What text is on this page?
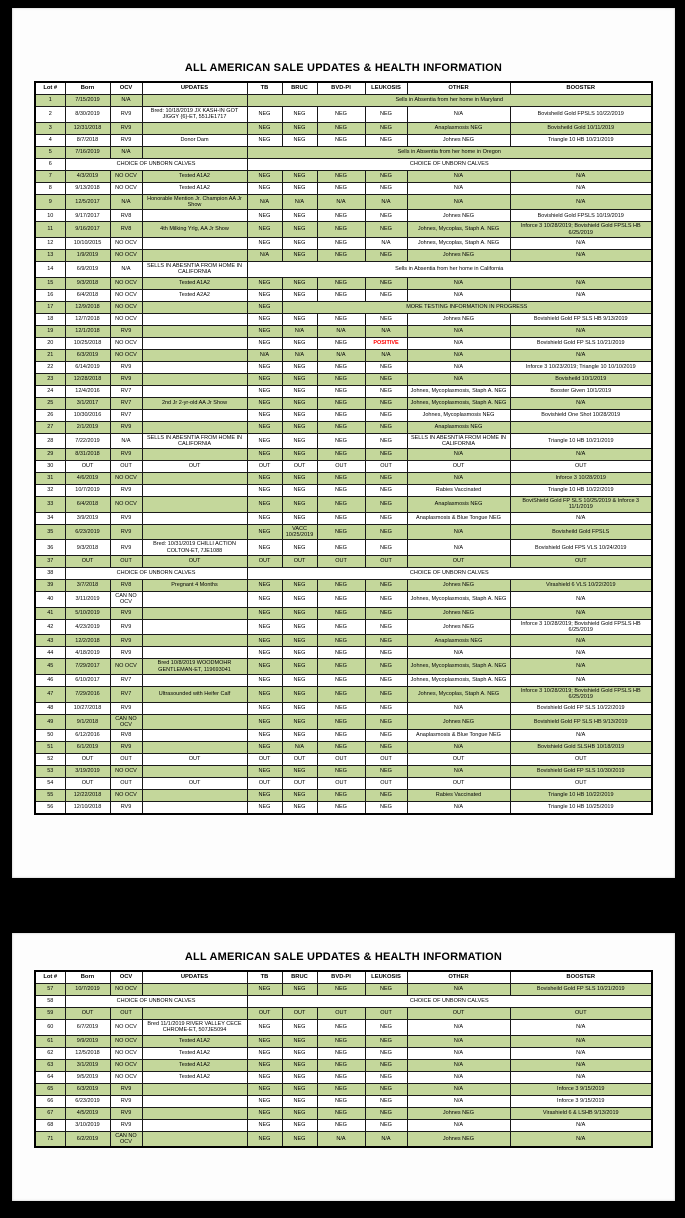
ALL AMERICAN SALE UPDATES & HEALTH INFORMATION
Lot #	Born	OCV	UPDATES	TB	BRUC	BVD-PI	LEUKOSIS	OTHER	BOOSTER
1	7/15/2019	N/A		Sells in Absentia from her home in Maryland					
2	8/30/2019	RV9	Bred: 10/18/2019 JX KASH-IN GOT JIGGY {6}-ET, 551JE1717	NEG	NEG	NEG	NEG	N/A	Bovisheild Gold FPSLS 10/22/2019
3	12/31/2018	RV9		NEG	NEG	NEG	NEG	Anaplasmosis NEG	Bovisheild Gold 10/11/2019
4	8/7/2018	RV9	Donor Dam	NEG	NEG	NEG	NEG	Johnes NEG	Triangle 10 HB 10/21/2019
5	7/16/2019	N/A		Sells in Absentia from her home in Oregon					
6	CHOICE OF UNBORN CALVES			CHOICE OF UNBORN CALVES					
7	4/3/2019	NO OCV	Tested A1A2	NEG	NEG	NEG	NEG	N/A	N/A
8	9/13/2018	NO OCV	Tested A1A2	NEG	NEG	NEG	NEG	N/A	N/A
9	12/5/2017	N/A	Honorable Mention Jr. Champion AA Jr Show	N/A	N/A	N/A	N/A	N/A	N/A
10	9/17/2017	RV8		NEG	NEG	NEG	NEG	Johnes NEG	Bovishield Gold FPSLS 10/19/2019
11	9/16/2017	RV8	4th Milking Yrlg, AA Jr Show	NEG	NEG	NEG	NEG	Johnes, Mycoplas, Staph A. NEG	Inforce 3 10/28/2019; Bovishield Gold FPSLS HB 6/25/2019
12	10/10/2015	NO OCV		NEG	NEG	NEG	N/A	Johnes, Mycoplas, Staph A. NEG	N/A
13	1/9/2019	NO OCV		N/A	NEG	NEG	NEG	Johnes NEG	N/A
14	6/9/2019	N/A	SELLS IN ABESNTIA FROM HOME IN CALIFORNIA	Sells in Absentia from her home in California					
15	9/3/2018	NO OCV	Tested A1A2	NEG	NEG	NEG	NEG	N/A	N/A
16	6/4/2018	NO OCV	Tested A2A2	NEG	NEG	NEG	NEG	N/A	N/A
17	12/9/2018	NO OCV		NEG	MORE TESTING INFORMATION IN PROGRESS				
18	12/7/2018	NO OCV		NEG	NEG	NEG	NEG	Johnes NEG	Bovishield Gold FP SLS HB 9/13/2019
19	12/1/2018	RV9		NEG	N/A	N/A	N/A	N/A	N/A
20	10/25/2018	NO OCV		NEG	NEG	NEG	POSITIVE	N/A	Bovishield Gold FP SLS 10/21/2019
21	6/3/2019	NO OCV		N/A	N/A	N/A	N/A	N/A	N/A
22	6/14/2019	RV9		NEG	NEG	NEG	NEG	N/A	Inforce 3 10/23/2019; Triangle 10 10/10/2019
23	12/28/2018	RV9		NEG	NEG	NEG	NEG	N/A	Bovisheild 10/1/2019
24	12/4/2016	RV7		NEG	NEG	NEG	NEG	Johnes, Mycoplasmosis, Staph A. NEG	Booster Given 10/1/2019
25	3/1/2017	RV7	2nd Jr 2-yr-old AA Jr Show	NEG	NEG	NEG	NEG	Johnes, Mycoplasmosis, Staph A. NEG	N/A
26	10/30/2016	RV7		NEG	NEG	NEG	NEG	Johnes, Mycoplasmosis NEG	Bovishield One Shot 10/28/2019
27	2/1/2019	RV9		NEG	NEG	NEG	NEG	Anaplasmosis NEG	
28	7/22/2019	N/A	SELLS IN ABESNTIA FROM HOME IN CALIFORNIA	NEG	NEG	NEG	NEG	SELLS IN ABESNTIA FROM HOME IN CALIFORNIA	Triangle 10 HB 10/21/2019
29	8/31/2018	RV9		NEG	NEG	NEG	NEG	N/A	N/A
30	OUT	OUT	OUT	OUT	OUT	OUT	OUT	OUT	OUT
31	4/6/2019	NO OCV		NEG	NEG	NEG	NEG	N/A	Inforce 3 10/28/2019
32	10/7/2019	RV9		NEG	NEG	NEG	NEG	Rabies Vaccinated	Triangle 10 HB 10/22/2019
33	6/4/2018	NO OCV		NEG	NEG	NEG	NEG	Anaplasmosis NEG	BoviShield Gold FP SLS 10/25/2019 & Inforce 3 11/1/2019
34	3/9/2019	RV9		NEG	NEG	NEG	NEG	Anaplasmosis & Blue Tongue NEG	N/A
35	6/23/2019	RV9		NEG	VACC 10/25/2019	NEG	NEG	N/A	Bovisheild Gold FPSLS
36	9/3/2018	RV9	Bred: 10/31/2019 CHILLI ACTION COLTON-ET, 7JE1088	NEG	NEG	NEG	NEG	N/A	Bovishield Gold FPS VLS 10/24/2019
37	OUT	OUT	OUT	OUT	OUT	OUT	OUT	OUT	OUT
38	CHOICE OF UNBORN CALVES			CHOICE OF UNBORN CALVES					
39	3/7/2018	RV8	Pregnant 4 Months	NEG	NEG	NEG	NEG	Johnes NEG	Virashield 6 VLS 10/22/2019
40	3/11/2019	CAN NO OCV		NEG	NEG	NEG	NEG	Johnes, Mycoplasmosis, Staph A. NEG	N/A
41	5/10/2019	RV9		NEG	NEG	NEG	NEG	Johnes NEG	N/A
42	4/23/2019	RV9		NEG	NEG	NEG	NEG	Johnes NEG	Inforce 3 10/28/2019; Bovishield Gold FPSLS HB 6/25/2019
43	12/2/2018	RV9		NEG	NEG	NEG	NEG	Anaplasmosis NEG	N/A
44	4/18/2019	RV9		NEG	NEG	NEG	NEG	N/A	N/A
45	7/29/2017	NO OCV	Bred 10/8/2019 WOODMOHR GENTLEMAN-ET, 119693041	NEG	NEG	NEG	NEG	Johnes, Mycoplasmosis, Staph A. NEG	N/A
46	6/10/2017	RV7		NEG	NEG	NEG	NEG	Johnes, Mycoplasmosis, Staph A. NEG	N/A
47	7/29/2016	RV7	Ultrasounded with Heifer Calf	NEG	NEG	NEG	NEG	Johnes, Mycoplas, Staph A. NEG	Inforce 3 10/28/2019; Bovishield Gold FPSLS HB 6/25/2019
48	10/27/2018	RV9		NEG	NEG	NEG	NEG	N/A	Bovishield Gold FP SLS 10/22/2019
49	9/1/2018	CAN NO OCV		NEG	NEG	NEG	NEG	Johnes NEG	Bovishield Gold FP SLS HB 9/13/2019
50	6/12/2016	RV8		NEG	NEG	NEG	NEG	Anaplasmosis & Blue Tongue NEG	N/A
51	6/1/2019	RV9		NEG	N/A	NEG	NEG	N/A	Bovishield Gold SLSHB 10/18/2019
52	OUT	OUT	OUT	OUT	OUT	OUT	OUT	OUT	OUT
53	3/19/2019	NO OCV		NEG	NEG	NEG	NEG	N/A	Bovishield Gold FP SLS 10/30/2019
54	OUT	OUT	OUT	OUT	OUT	OUT	OUT	OUT	OUT
55	12/22/2018	NO OCV		NEG	NEG	NEG	NEG	Rabies Vaccinated	Triangle 10 HB 10/22/2019
56	12/10/2018	RV9		NEG	NEG	NEG	NEG	N/A	Triangle 10 HB 10/25/2019
ALL AMERICAN SALE UPDATES & HEALTH INFORMATION
Lot #	Born	OCV	UPDATES	TB	BRUC	BVD-PI	LEUKOSIS	OTHER	BOOSTER
57	10/7/2019	NO OCV		NEG	NEG	NEG	NEG	N/A	Bovisheild Gold FP SLS 10/21/2019
58	CHOICE OF UNBORN CALVES			CHOICE OF UNBORN CALVES					
59	OUT	OUT		OUT	OUT	OUT	OUT	OUT	OUT
60	6/7/2019	NO OCV	Bred 11/1/2019 RIVER VALLEY CECE CHROME-ET, 507JE5094	NEG	NEG	NEG	NEG	N/A	N/A
61	9/9/2019	NO OCV	Tested A1A2	NEG	NEG	NEG	NEG	N/A	N/A
62	12/5/2018	NO OCV	Tested A1A2	NEG	NEG	NEG	NEG	N/A	N/A
63	3/1/2019	NO OCV	Tested A1A2	NEG	NEG	NEG	NEG	N/A	N/A
64	9/5/2019	NO OCV	Tested A1A2	NEG	NEG	NEG	NEG	N/A	N/A
65	6/3/2019	RV9		NEG	NEG	NEG	NEG	N/A	Inforce 3 9/15/2019
66	6/23/2019	RV9		NEG	NEG	NEG	NEG	N/A	Inforce 3 9/15/2019
67	4/5/2019	RV9		NEG	NEG	NEG	NEG	Johnes NEG	Virashield 6 & LSHB 9/13/2019
68	3/10/2019	RV9		NEG	NEG	NEG	NEG	N/A	N/A
71	6/2/2019	CAN NO OCV		NEG	NEG	N/A	N/A	Johnes NEG	N/A
